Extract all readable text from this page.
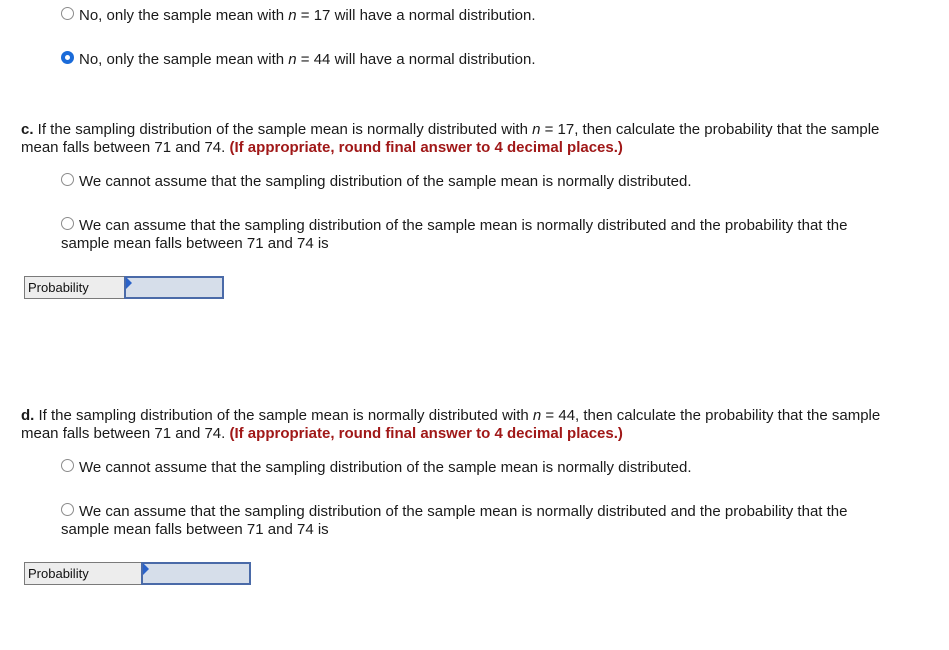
No, only the sample mean with n = 17 will have a normal distribution.
No, only the sample mean with n = 44 will have a normal distribution.
c. If the sampling distribution of the sample mean is normally distributed with n = 17, then calculate the probability that the sample mean falls between 71 and 74. (If appropriate, round final answer to 4 decimal places.)
We cannot assume that the sampling distribution of the sample mean is normally distributed.
We can assume that the sampling distribution of the sample mean is normally distributed and the probability that the sample mean falls between 71 and 74 is
Probability
d. If the sampling distribution of the sample mean is normally distributed with n = 44, then calculate the probability that the sample mean falls between 71 and 74. (If appropriate, round final answer to 4 decimal places.)
We cannot assume that the sampling distribution of the sample mean is normally distributed.
We can assume that the sampling distribution of the sample mean is normally distributed and the probability that the sample mean falls between 71 and 74 is
Probability
